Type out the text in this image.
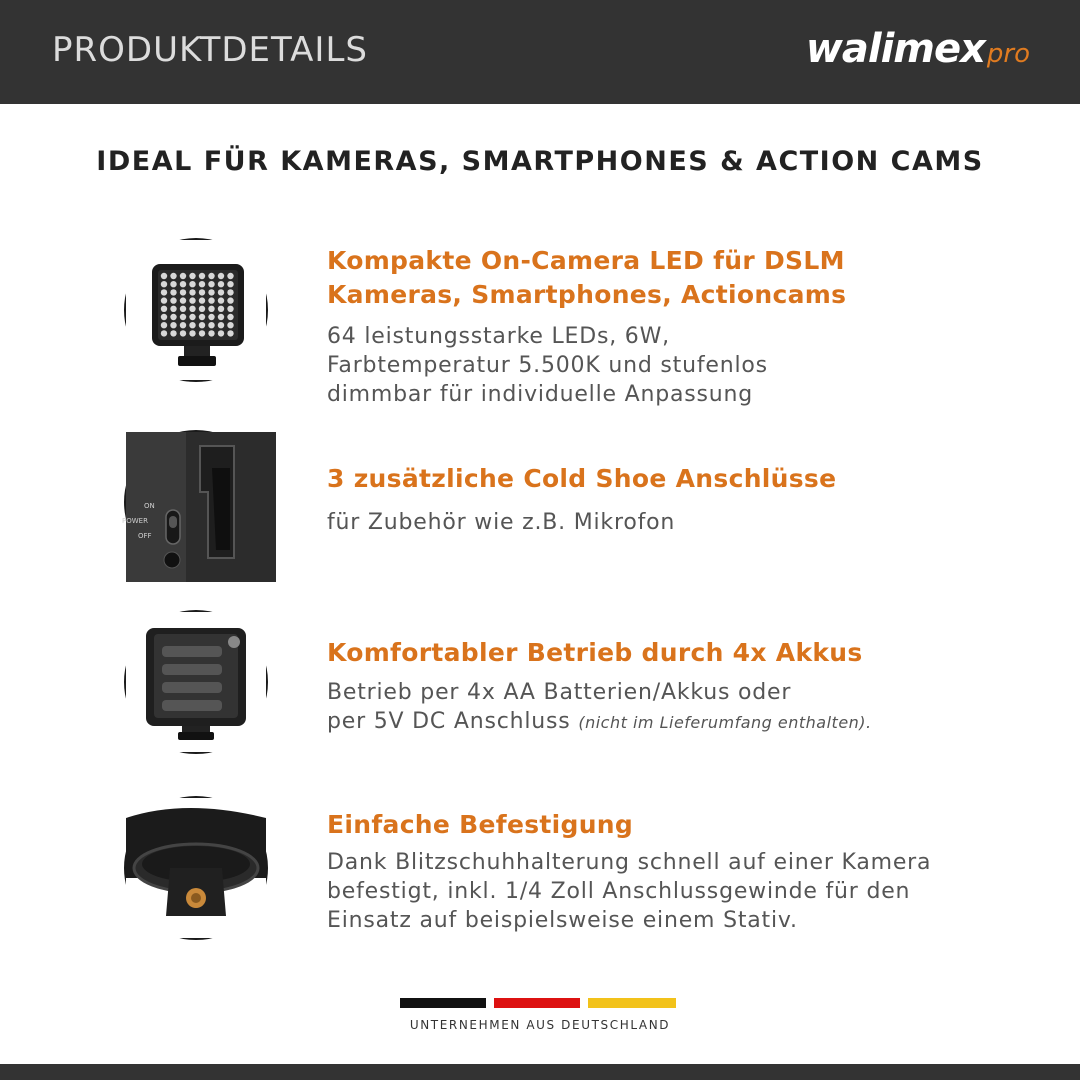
PRODUKTDETAILS	walimex pro
IDEAL FÜR KAMERAS, SMARTPHONES & ACTION CAMS
Kompakte On-Camera LED für DSLM
Kameras, Smartphones, Actioncams
64 leistungsstarke LEDs, 6W,
Farbtemperatur 5.500K und stufenlos
dimmbar für individuelle Anpassung
ON
POWER
OFF
3 zusätzliche Cold Shoe Anschlüsse
für Zubehör wie z.B. Mikrofon
Komfortabler Betrieb durch 4x Akkus
Betrieb per 4x AA Batterien/Akkus oder
per 5V DC Anschluss (nicht im Lieferumfang enthalten).
Einfache Befestigung
Dank Blitzschuhhalterung schnell auf einer Kamera
befestigt, inkl. 1/4 Zoll Anschlussgewinde für den
Einsatz auf beispielsweise einem Stativ.
UNTERNEHMEN AUS DEUTSCHLAND
